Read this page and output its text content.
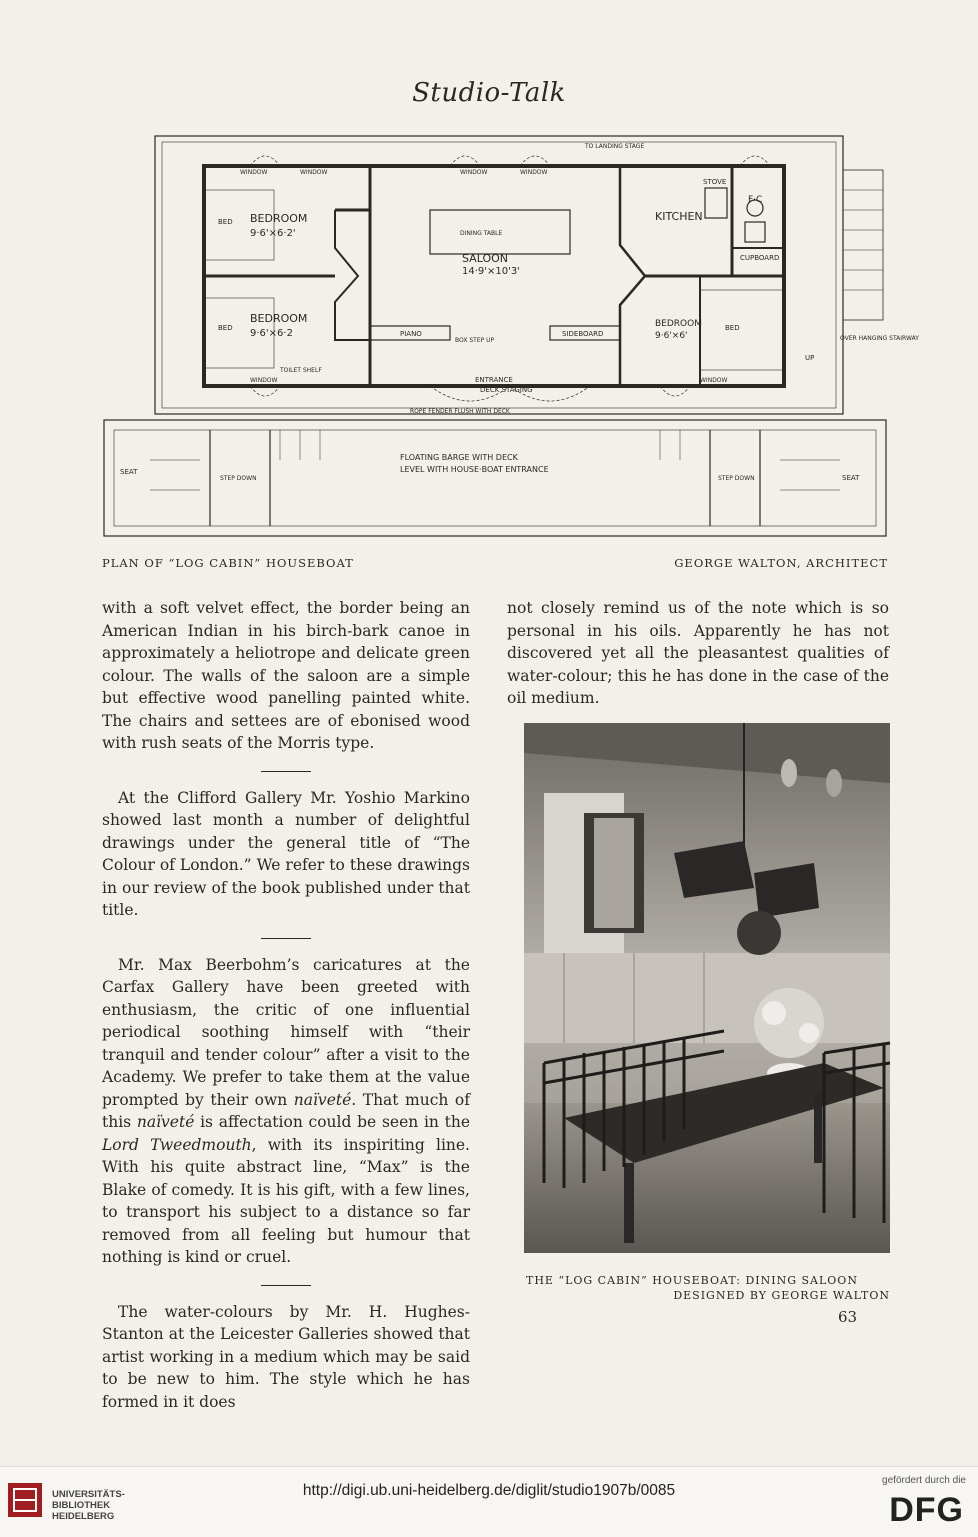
Studio-Talk
BEDROOM
9·6'×6·2'
BEDROOM
9·6'×6·2
BEDROOM
9·6'×6'
BED
BED	BED
SALOON
14·9'×10'3'
DINING TABLE
KITCHEN
STOVE
F·C
CUPBOARD
PIANO	SIDEBOARD
BOX STEP UP
ENTRANCE
DECK STAGING
WINDOW	WINDOW	WINDOW	WINDOW
WINDOW	WINDOW
TOILET SHELF
TO LANDING STAGE
FLOATING BARGE WITH DECK
LEVEL WITH HOUSE·BOAT ENTRANCE
SEAT
SEAT
STEP DOWN	STEP DOWN
ROPE FENDER FLUSH WITH DECK
UP
OVER HANGING STAIRWAY
PLAN OF “LOG CABIN” HOUSEBOAT	GEORGE WALTON, ARCHITECT

with a soft velvet effect, the border being an American Indian in his birch-bark canoe in approximately a heliotrope and delicate green colour. The walls of the saloon are a simple but effective wood panelling painted white. The chairs and settees are of ebonised wood with rush seats of the Morris type.

At the Clifford Gallery Mr. Yoshio Markino showed last month a number of delightful drawings under the general title of “The Colour of London.” We refer to these drawings in our review of the book published under that title.

Mr. Max Beerbohm’s caricatures at the Carfax Gallery have been greeted with enthusiasm, the critic of one influential periodical soothing himself with “their tranquil and tender colour” after a visit to the Academy. We prefer to take them at the value prompted by their own naïveté. That much of this naïveté is affectation could be seen in the Lord Tweedmouth, with its inspiriting line. With his quite abstract line, “Max” is the Blake of comedy. It is his gift, with a few lines, to transport his subject to a distance so far removed from all feeling but humour that nothing is kind or cruel.

The water-colours by Mr. H. Hughes-Stanton at the Leicester Galleries showed that artist working in a medium which may be said to be new to him. The style which he has formed in it does

not closely remind us of the note which is so personal in his oils. Apparently he has not discovered yet all the pleasantest qualities of water-colour; this he has done in the case of the oil medium.

THE “LOG CABIN” HOUSEBOAT: DINING SALOON
DESIGNED BY GEORGE WALTON
63
UNIVERSITÄTS-
BIBLIOTHEK
HEIDELBERG
gefördert durch die
DFG
http://digi.ub.uni-heidelberg.de/diglit/studio1907b/0085
